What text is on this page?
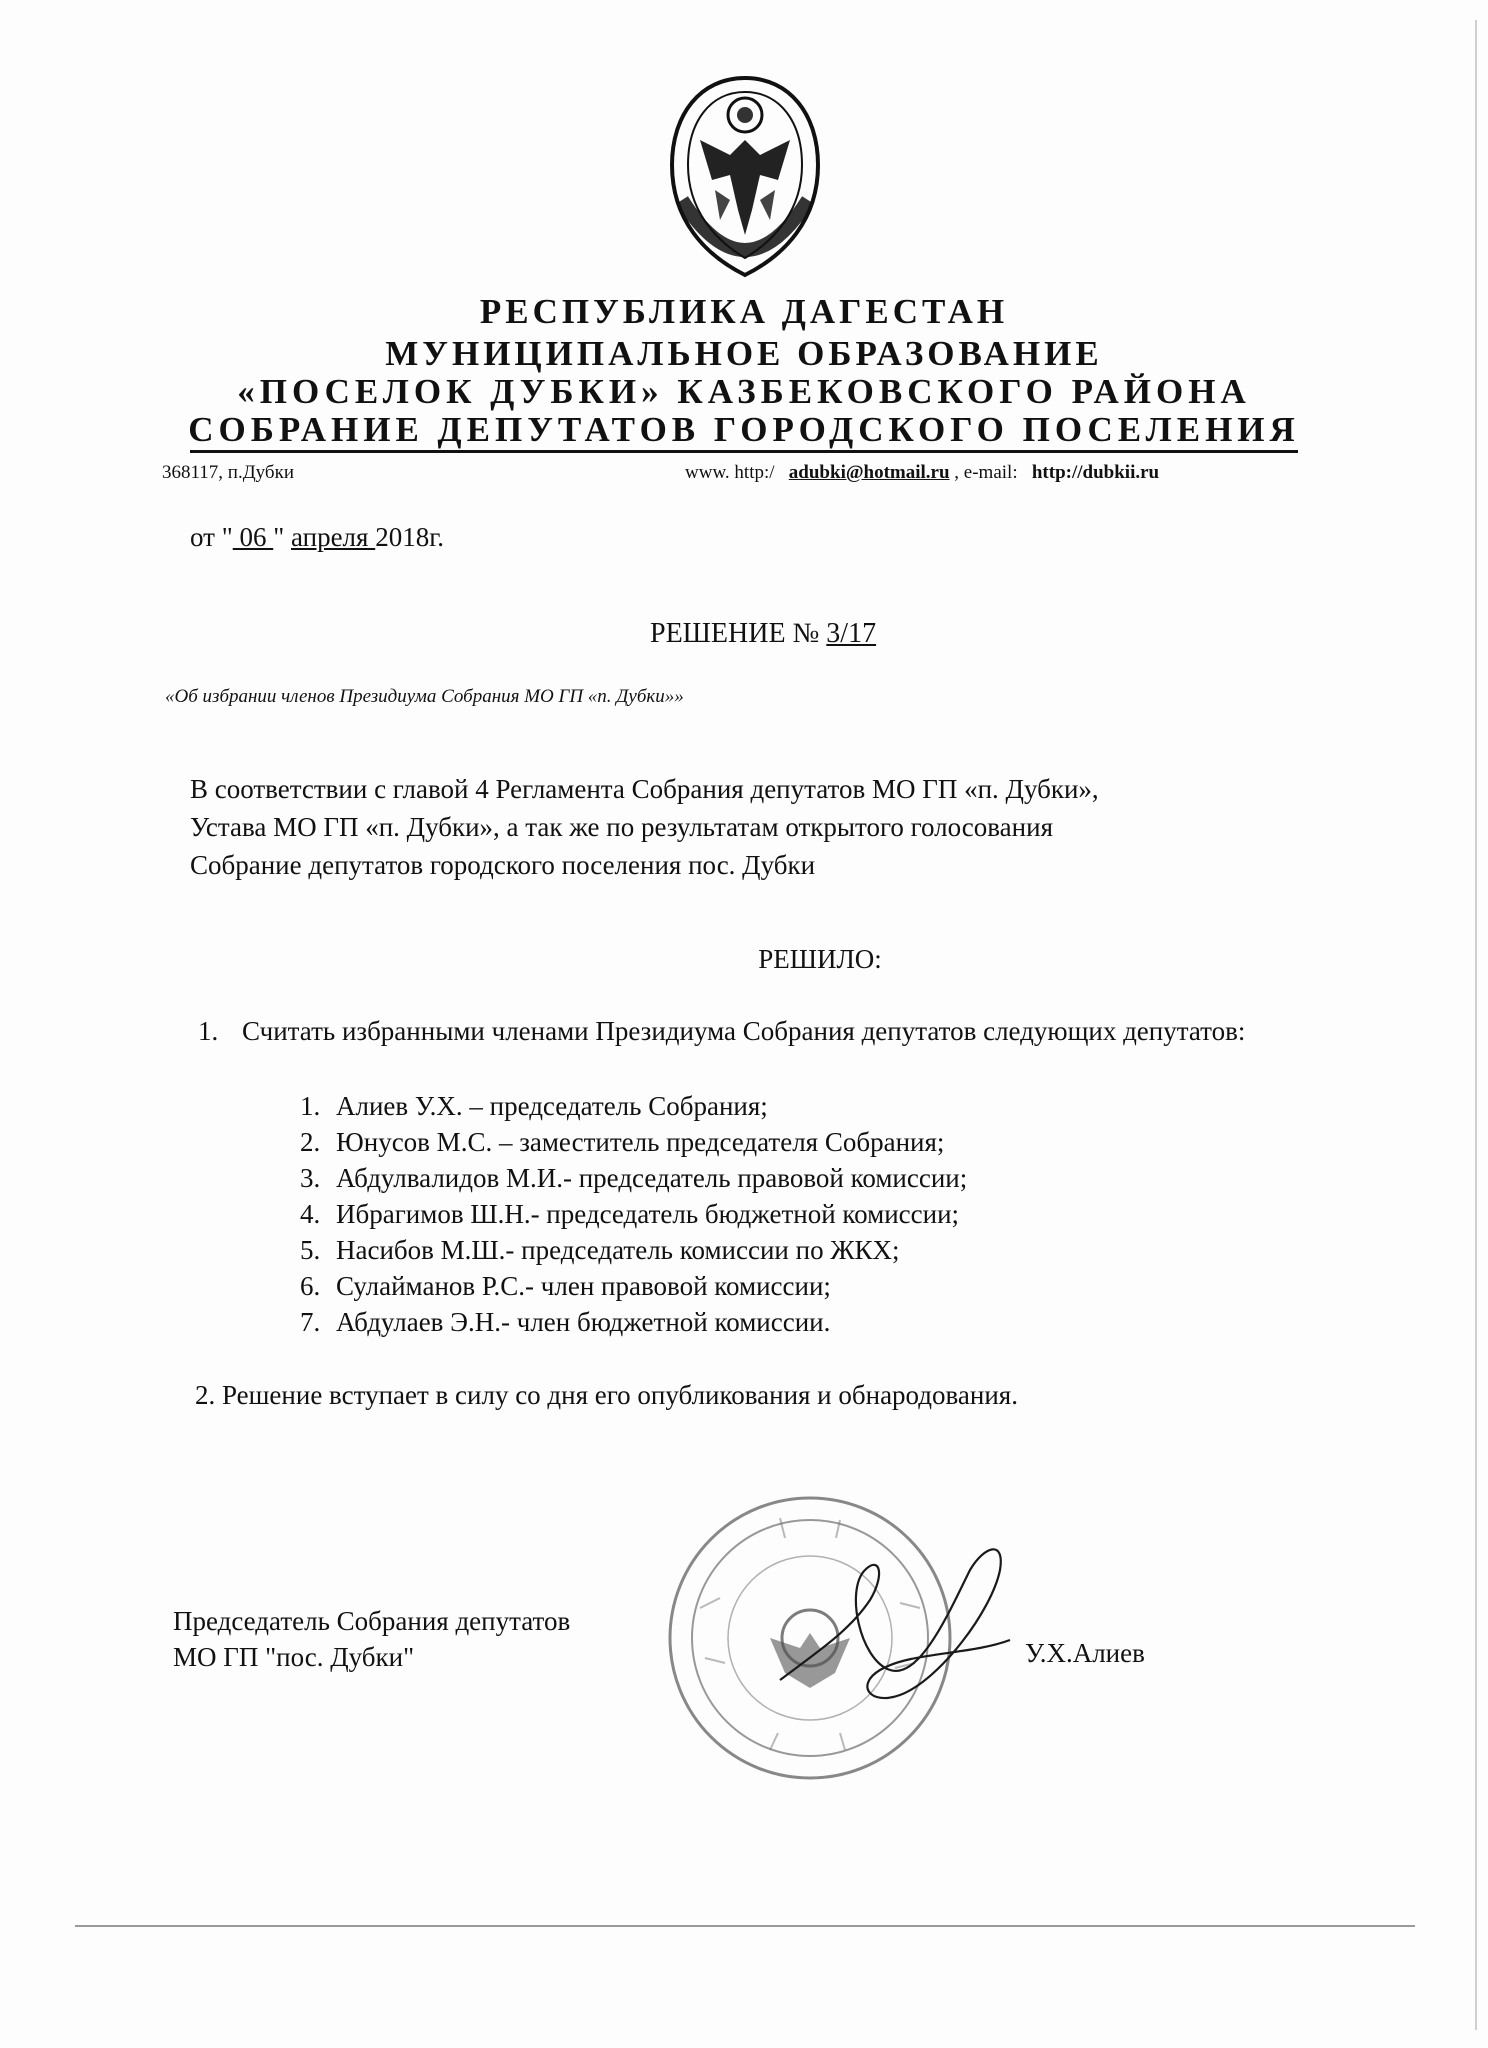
КАЗБЕКОВСКИЙ РАЙОН
РЕСПУБЛИКА ДАГЕСТАН
МУНИЦИПАЛЬНОЕ ОБРАЗОВАНИЕ
«ПОСЕЛОК ДУБКИ» КАЗБЕКОВСКОГО РАЙОНА
СОБРАНИЕ ДЕПУТАТОВ ГОРОДСКОГО ПОСЕЛЕНИЯ
368117, п.Дубки	www. http:/ adubki@hotmail.ru , e-mail: http://dubkii.ru
от " 06 " апреля 2018г.
РЕШЕНИЕ № 3/17
«Об избрании членов Президиума Собрания МО ГП «п. Дубки»»

В соответствии с главой 4 Регламента Собрания депутатов МО ГП «п. Дубки»,

Устава МО ГП «п. Дубки», а так же по результатам открытого голосования

Собрание депутатов городского поселения пос. Дубки

РЕШИЛО:
1. Считать избранными членами Президиума Собрания депутатов следующих депутатов:
1. Алиев У.Х. – председатель Собрания;
2. Юнусов М.С. – заместитель председателя Собрания;
3. Абдулвалидов М.И.- председатель правовой комиссии;
4. Ибрагимов Ш.Н.- председатель бюджетной комиссии;
5. Насибов М.Ш.- председатель комиссии по ЖКХ;
6. Сулайманов Р.С.- член правовой комиссии;
7. Абдулаев Э.Н.- член бюджетной комиссии.
2. Решение вступает в силу со дня его опубликования и обнародования.
РЕСПУБЛИКА ДАГЕСТАН ОГРН 1120544000647 РОССИЙСКАЯ ФЕДЕРАЦИЯ
Председатель Собрания депутатов
МО ГП "пос. Дубки"	У.Х.Алиев
